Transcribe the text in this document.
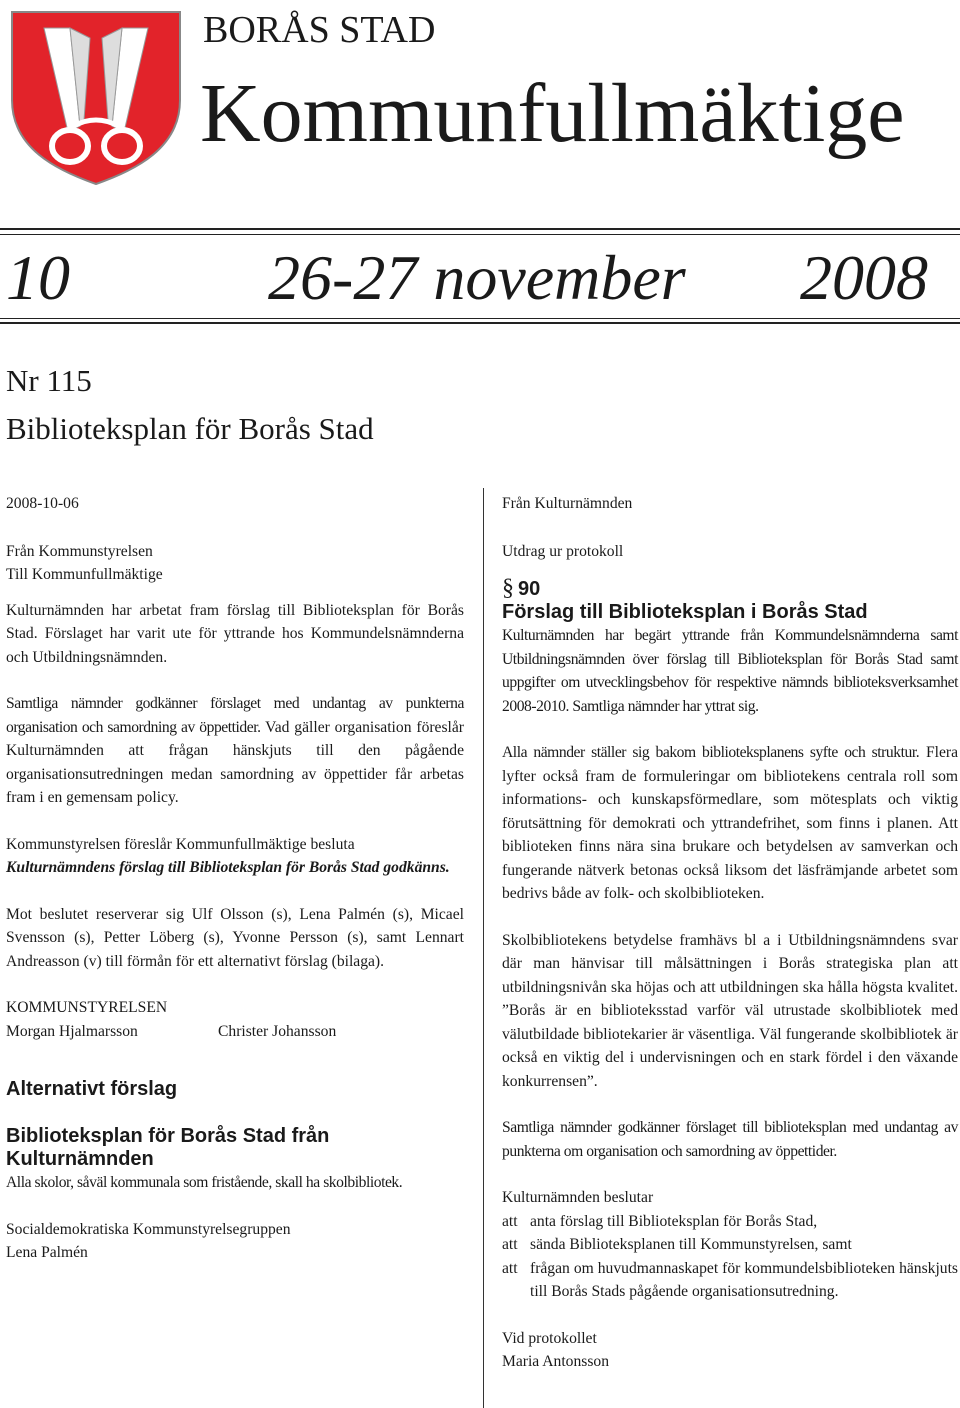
BORÅS STAD
Kommunfullmäktige
10	26-27 november 2008
Nr 115
Biblioteksplan för Borås Stad
2008-10-06
Från Kommunstyrelsen
Till Kommunfullmäktige

Kulturnämnden har arbetat fram förslag till Biblioteksplan för Borås Stad. Förslaget har varit ute för yttrande hos Kommundelsnämnderna och Utbildningsnämnden.

Samtliga nämnder godkänner förslaget med undantag av punkterna organisation och samordning av öppettider. Vad gäller organisation föreslår Kulturnämnden att frågan hänskjuts till den pågående organisationsutredningen medan samordning av öppettider får arbetas fram i en gemensam policy.

Kommunstyrelsen föreslår Kommunfullmäktige besluta

Kulturnämndens förslag till Biblioteksplan för Borås Stad godkänns.

Mot beslutet reserverar sig Ulf Olsson (s), Lena Palmén (s), Micael Svensson (s), Petter Löberg (s), Yvonne Persson (s), samt Lennart Andreasson (v) till förmån för ett alternativt förslag (bilaga).

KOMMUNSTYRELSEN
Morgan Hjalmarsson	Christer Johansson
Alternativt förslag
Biblioteksplan för Borås Stad från Kulturnämnden

Alla skolor, såväl kommunala som fristående, skall ha skolbibliotek.

Socialdemokratiska Kommunstyrelsegruppen
Lena Palmén
Från Kulturnämnden
Utdrag ur protokoll
§ 90
Förslag till Biblioteksplan i Borås Stad

Kulturnämnden har begärt yttrande från Kommundelsnämnderna samt Utbildningsnämnden över förslag till Biblioteksplan för Borås Stad samt uppgifter om utvecklingsbehov för respektive nämnds biblioteksverksamhet 2008-2010. Samtliga nämnder har yttrat sig.

Alla nämnder ställer sig bakom biblioteksplanens syfte och struktur. Flera lyfter också fram de formuleringar om bibliotekens centrala roll som informations- och kunskapsförmedlare, som mötesplats och viktig förutsättning för demokrati och yttrandefrihet, som finns i planen. Att biblioteken finns nära sina brukare och betydelsen av samverkan och fungerande nätverk betonas också liksom det läsfrämjande arbetet som bedrivs både av folk- och skolbiblioteken.

Skolbibliotekens betydelse framhävs bl a i Utbildningsnämndens svar där man hänvisar till målsättningen i Borås strategiska plan att utbildningsnivån ska höjas och att utbildningen ska hålla högsta kvalitet. ”Borås är en biblioteksstad varför väl utrustade skolbibliotek med välutbildade bibliotekarier är väsentliga. Väl fungerande skolbibliotek är också en viktig del i undervisningen och en stark fördel i den växande konkurrensen”.

Samtliga nämnder godkänner förslaget till biblioteksplan med undantag av punkterna om organisation och samordning av öppettider.

Kulturnämnden beslutar
att anta förslag till Biblioteksplan för Borås Stad,
att sända Biblioteksplanen till Kommunstyrelsen, samt
att frågan om huvudmannaskapet för kommundelsbiblioteken hänskjuts till Borås Stads pågående organisationsutredning.
Vid protokollet
Maria Antonsson
